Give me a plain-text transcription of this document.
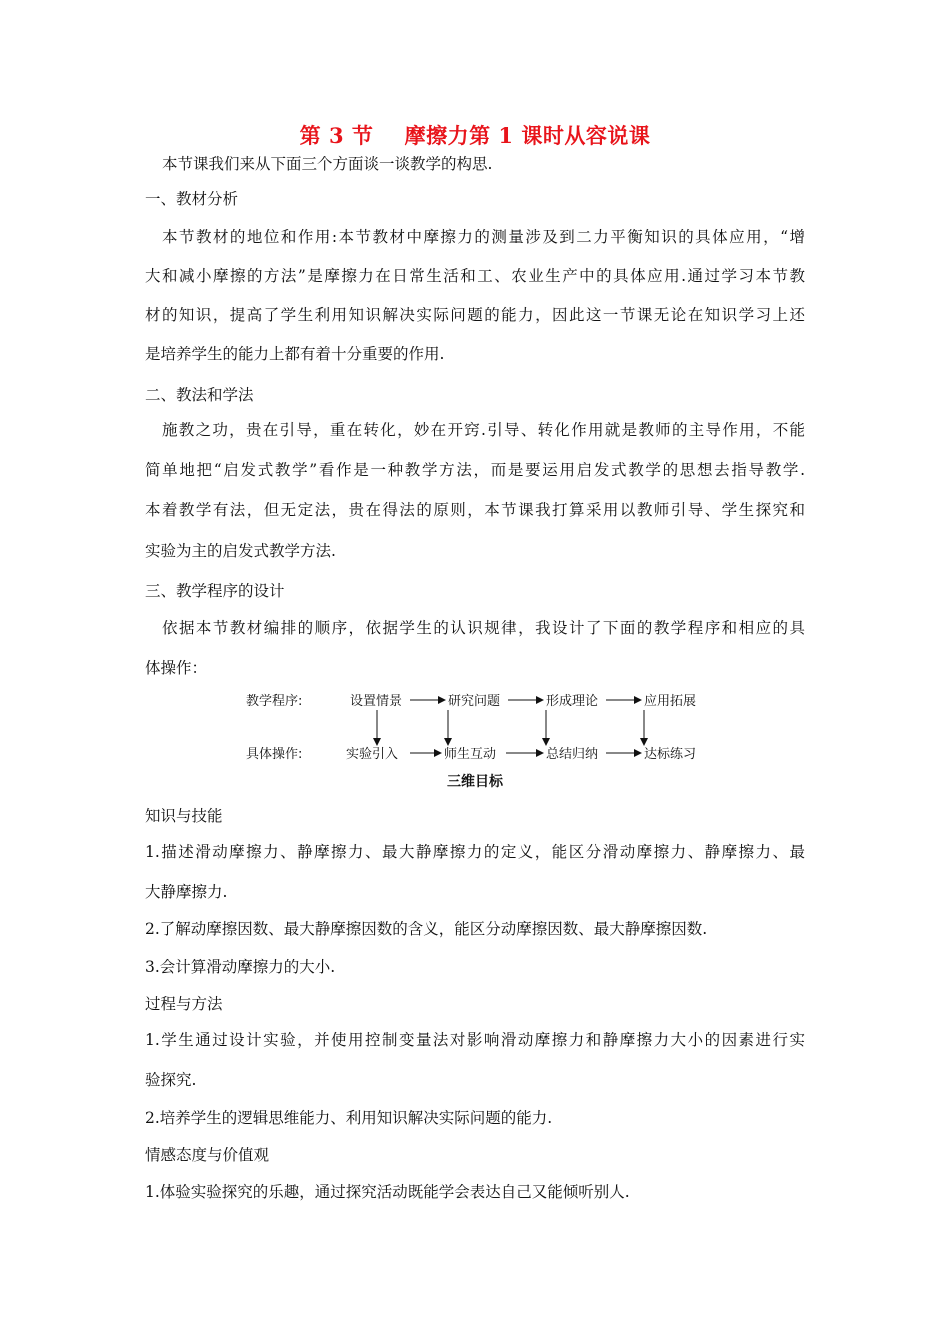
第 3 节    摩擦力第 1 课时从容说课
本节课我们来从下面三个方面谈一谈教学的构思.
一、教材分析
本节教材的地位和作用:本节教材中摩擦力的测量涉及到二力平衡知识的具体应用，“增
大和减小摩擦的方法”是摩擦力在日常生活和工、农业生产中的具体应用.通过学习本节教
材的知识，提高了学生利用知识解决实际问题的能力，因此这一节课无论在知识学习上还
是培养学生的能力上都有着十分重要的作用.
二、教法和学法
施教之功，贵在引导，重在转化，妙在开窍.引导、转化作用就是教师的主导作用，不能
简单地把“启发式教学”看作是一种教学方法，而是要运用启发式教学的思想去指导教学.
本着教学有法，但无定法，贵在得法的原则，本节课我打算采用以教师引导、学生探究和
实验为主的启发式教学方法.
三、教学程序的设计
依据本节教材编排的顺序，依据学生的认识规律，我设计了下面的教学程序和相应的具
体操作：
教学程序:	设置情景	研究问题	形成理论	应用拓展
具体操作:	实验引入	师生互动	总结归纳	达标练习
三维目标
知识与技能
1.描述滑动摩擦力、静摩擦力、最大静摩擦力的定义，能区分滑动摩擦力、静摩擦力、最
大静摩擦力.
2.了解动摩擦因数、最大静摩擦因数的含义，能区分动摩擦因数、最大静摩擦因数.
3.会计算滑动摩擦力的大小.
过程与方法
1.学生通过设计实验，并使用控制变量法对影响滑动摩擦力和静摩擦力大小的因素进行实
验探究.
2.培养学生的逻辑思维能力、利用知识解决实际问题的能力.
情感态度与价值观
1.体验实验探究的乐趣，通过探究活动既能学会表达自己又能倾听别人.
